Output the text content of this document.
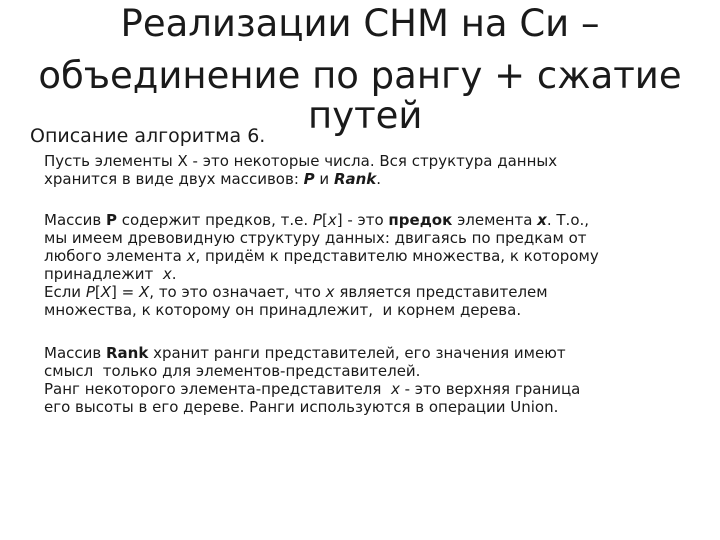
Реализации СНМ на Си –
объединение по рангу + сжатие
путей
Описание алгоритма 6.

Пусть элементы X - это некоторые числа. Вся структура данных хранится в виде двух массивов: P и Rank.

Массив P содержит предков, т.е. P[x] - это предок элемента x. Т.о., мы имеем древовидную структуру данных: двигаясь по предкам от любого элемента x, придём к представителю множества, к которому принадлежит  x.
Если P[X] = X, то это означает, что x является представителем множества, к которому он принадлежит,  и корнем дерева.

Массив Rank хранит ранги представителей, его значения имеют смысл  только для элементов-представителей.
Ранг некоторого элемента-представителя  x - это верхняя граница его высоты в его дереве. Ранги используются в операции Union.
